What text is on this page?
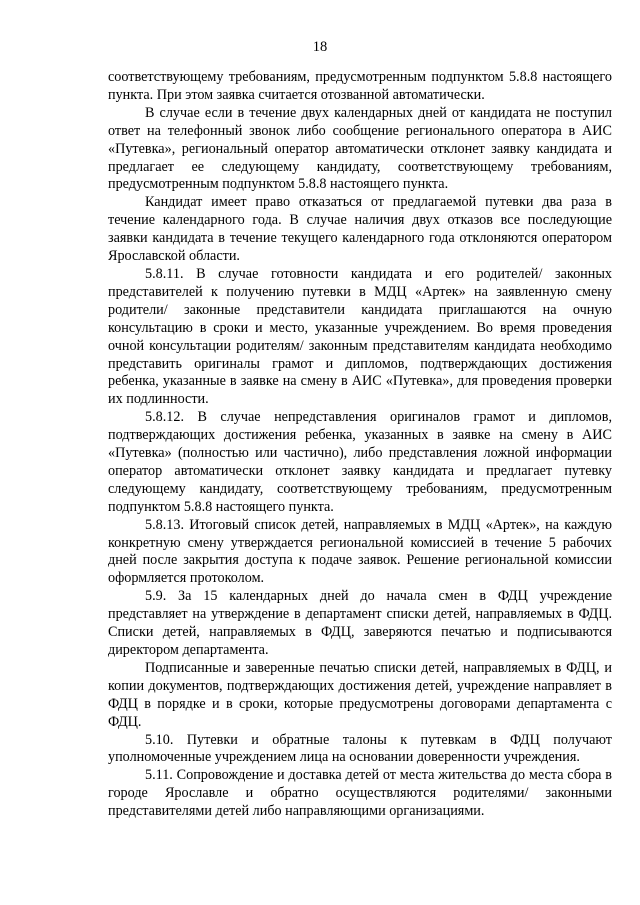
18

соответствующему требованиям, предусмотренным подпунктом 5.8.8 настоящего пункта. При этом заявка считается отозванной автоматически.

В случае если в течение двух календарных дней от кандидата не поступил ответ на телефонный звонок либо сообщение регионального оператора в АИС «Путевка», региональный оператор автоматически отклонет заявку кандидата и предлагает ее следующему кандидату, соответствующему требованиям, предусмотренным подпунктом 5.8.8 настоящего пункта.

Кандидат имеет право отказаться от предлагаемой путевки два раза в течение календарного года. В случае наличия двух отказов все последующие заявки кандидата в течение текущего календарного года отклоняются оператором Ярославской области.

5.8.11. В случае готовности кандидата и его родителей/ законных представителей к получению путевки в МДЦ «Артек» на заявленную смену родители/ законные представители кандидата приглашаются на очную консультацию в сроки и место, указанные учреждением. Во время проведения очной консультации родителям/ законным представителям кандидата необходимо представить оригиналы грамот и дипломов, подтверждающих достижения ребенка, указанные в заявке на смену в АИС «Путевка», для проведения проверки их подлинности.

5.8.12. В случае непредставления оригиналов грамот и дипломов, подтверждающих достижения ребенка, указанных в заявке на смену в АИС «Путевка» (полностью или частично), либо представления ложной информации оператор автоматически отклонет заявку кандидата и предлагает путевку следующему кандидату, соответствующему требованиям, предусмотренным подпунктом 5.8.8 настоящего пункта.

5.8.13. Итоговый список детей, направляемых в МДЦ «Артек», на каждую конкретную смену утверждается региональной комиссией в течение 5 рабочих дней после закрытия доступа к подаче заявок. Решение региональной комиссии оформляется протоколом.

5.9. За 15 календарных дней до начала смен в ФДЦ учреждение представляет на утверждение в департамент списки детей, направляемых в ФДЦ. Списки детей, направляемых в ФДЦ, заверяются печатью и подписываются директором департамента.

Подписанные и заверенные печатью списки детей, направляемых в ФДЦ, и копии документов, подтверждающих достижения детей, учреждение направляет в ФДЦ в порядке и в сроки, которые предусмотрены договорами департамента с ФДЦ.

5.10. Путевки и обратные талоны к путевкам в ФДЦ получают уполномоченные учреждением лица на основании доверенности учреждения.

5.11. Сопровождение и доставка детей от места жительства до места сбора в городе Ярославле и обратно осуществляются родителями/ законными представителями детей либо направляющими организациями.
